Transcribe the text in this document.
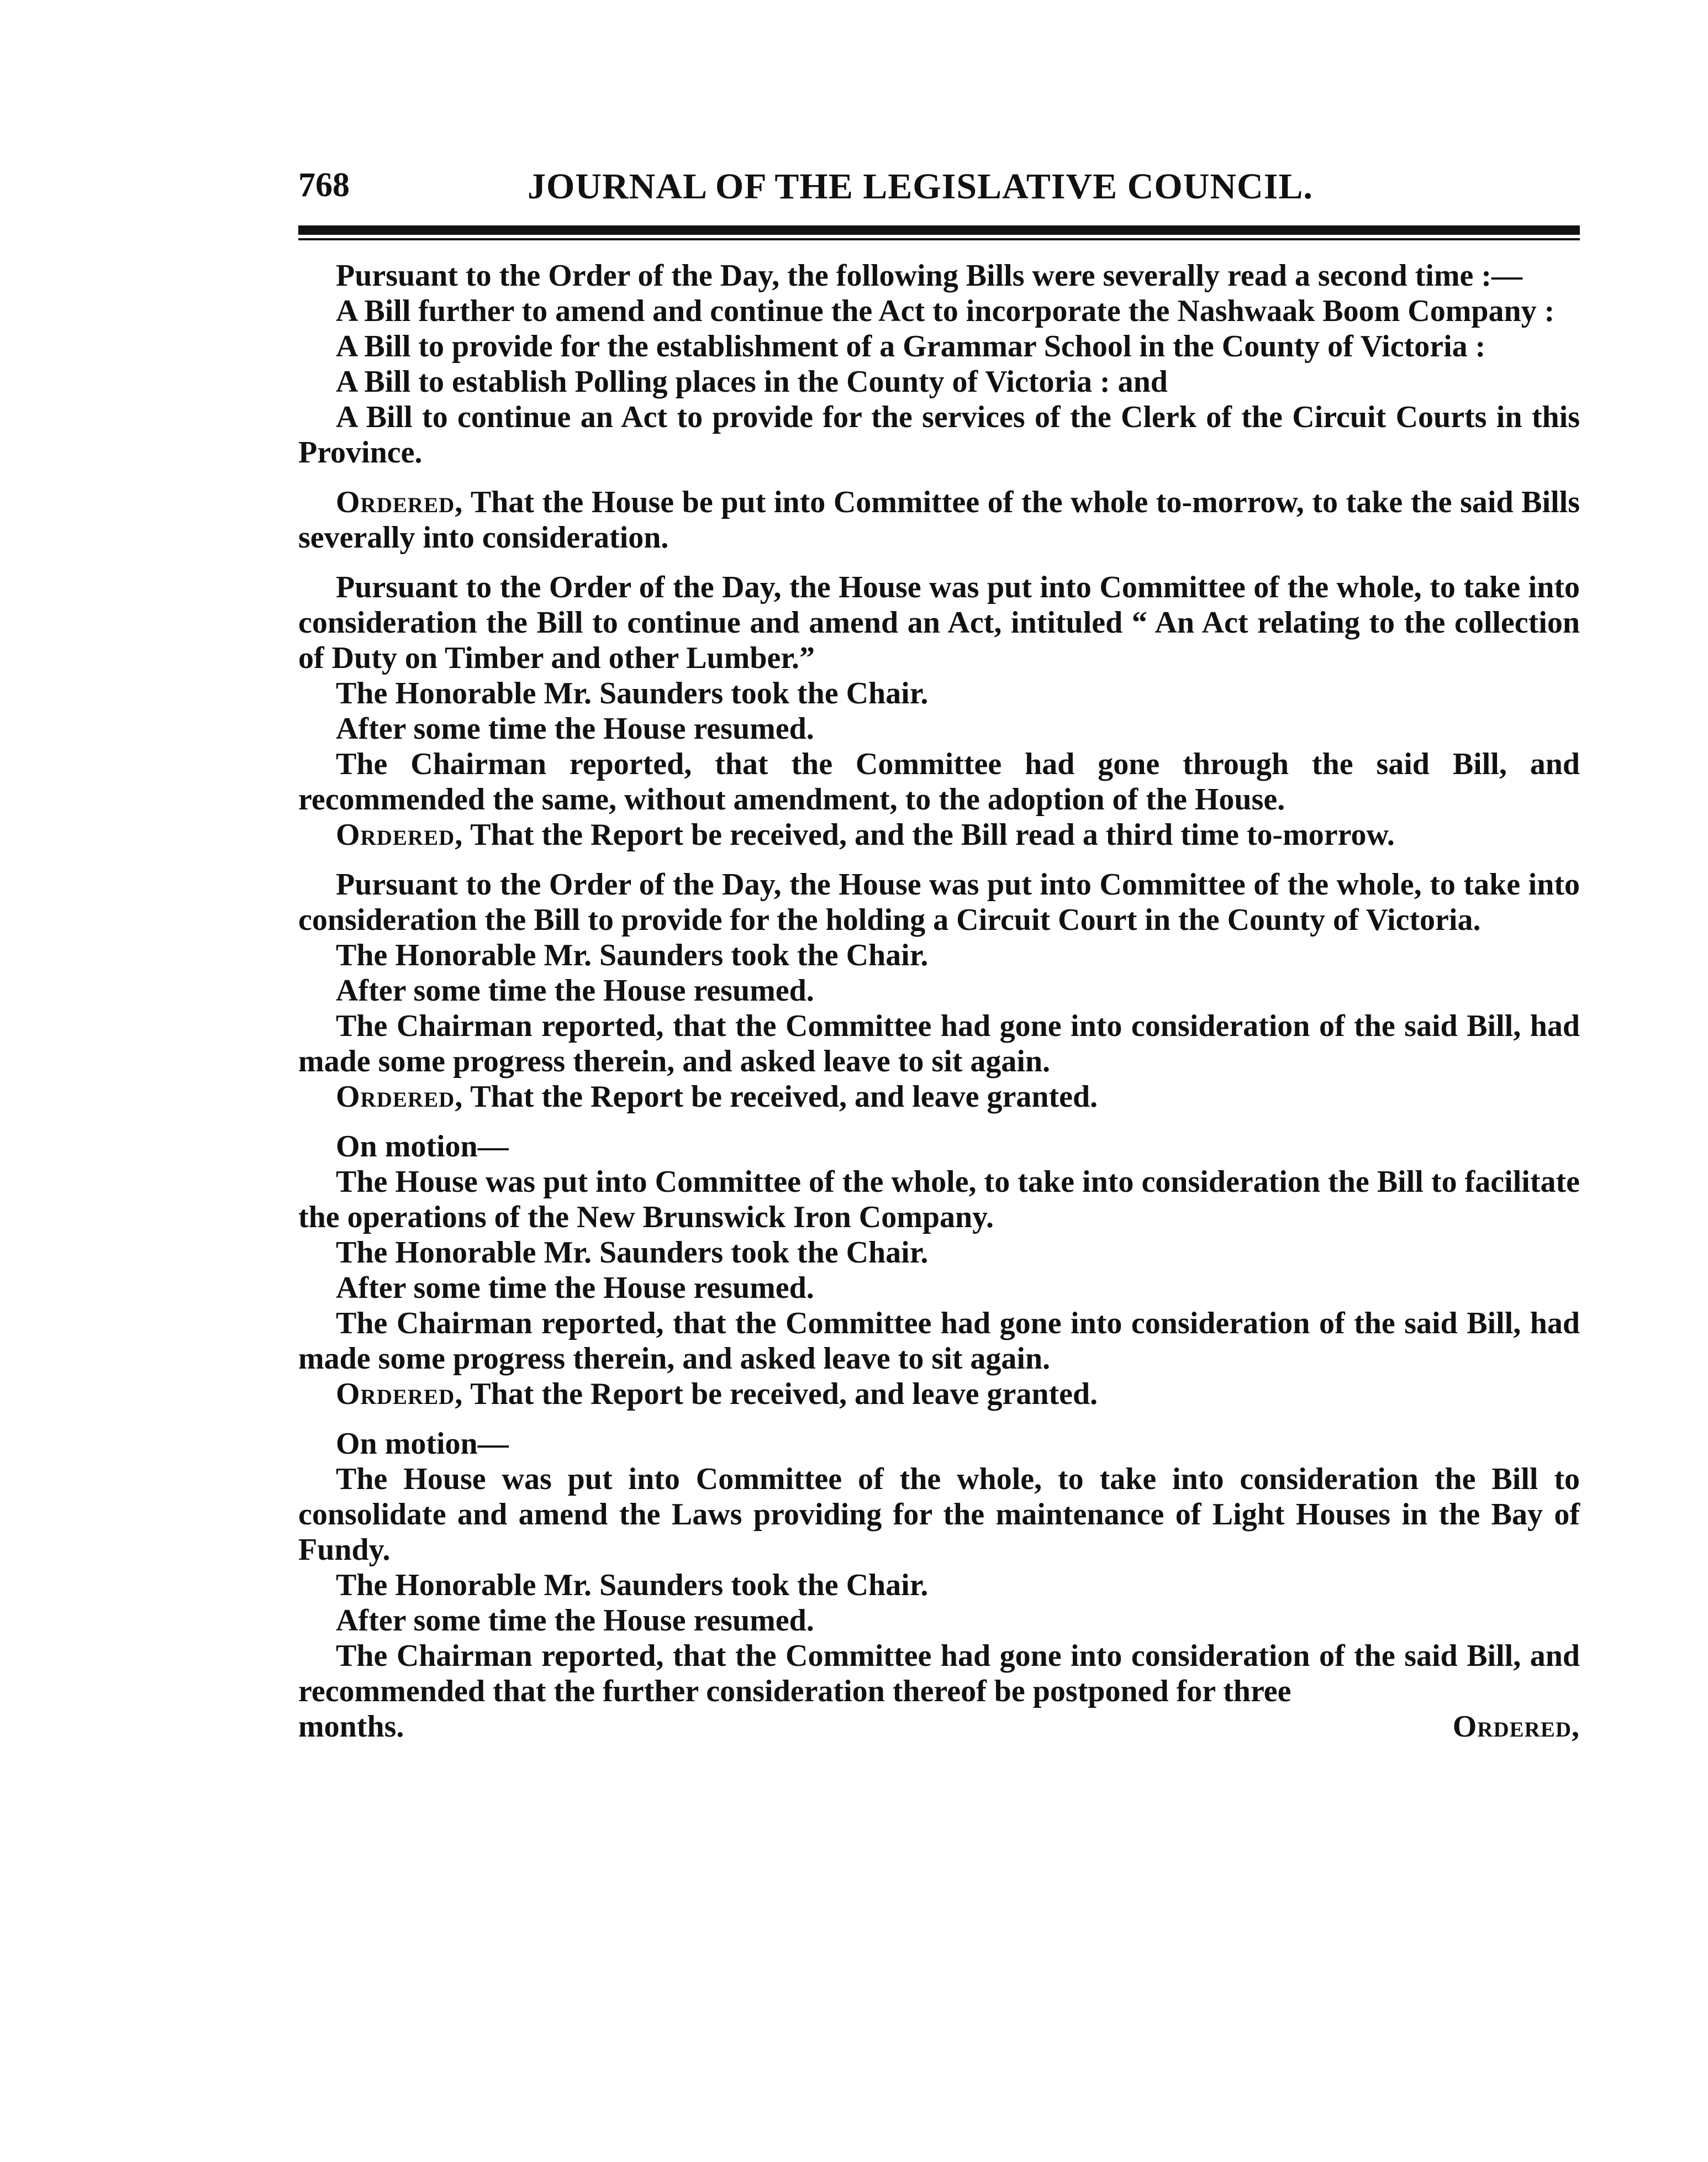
768	JOURNAL OF THE LEGISLATIVE COUNCIL.

Pursuant to the Order of the Day, the following Bills were severally read a second time :—

A Bill further to amend and continue the Act to incorporate the Nashwaak Boom Company :

A Bill to provide for the establishment of a Grammar School in the County of Victoria :

A Bill to establish Polling places in the County of Victoria : and

A Bill to continue an Act to provide for the services of the Clerk of the Circuit Courts in this Province.

Ordered, That the House be put into Committee of the whole to-morrow, to take the said Bills severally into consideration.

Pursuant to the Order of the Day, the House was put into Committee of the whole, to take into consideration the Bill to continue and amend an Act, intituled “ An Act relating to the collection of Duty on Timber and other Lumber.”

The Honorable Mr. Saunders took the Chair.

After some time the House resumed.

The Chairman reported, that the Committee had gone through the said Bill, and recommended the same, without amendment, to the adoption of the House.

Ordered, That the Report be received, and the Bill read a third time to-morrow.

Pursuant to the Order of the Day, the House was put into Committee of the whole, to take into consideration the Bill to provide for the holding a Circuit Court in the County of Victoria.

The Honorable Mr. Saunders took the Chair.

After some time the House resumed.

The Chairman reported, that the Committee had gone into consideration of the said Bill, had made some progress therein, and asked leave to sit again.

Ordered, That the Report be received, and leave granted.

On motion—

The House was put into Committee of the whole, to take into consideration the Bill to facilitate the operations of the New Brunswick Iron Company.

The Honorable Mr. Saunders took the Chair.

After some time the House resumed.

The Chairman reported, that the Committee had gone into consideration of the said Bill, had made some progress therein, and asked leave to sit again.

Ordered, That the Report be received, and leave granted.

On motion—

The House was put into Committee of the whole, to take into consideration the Bill to consolidate and amend the Laws providing for the maintenance of Light Houses in the Bay of Fundy.

The Honorable Mr. Saunders took the Chair.

After some time the House resumed.

The Chairman reported, that the Committee had gone into consideration of the said Bill, and recommended that the further consideration thereof be postponed for three

months.	Ordered,
